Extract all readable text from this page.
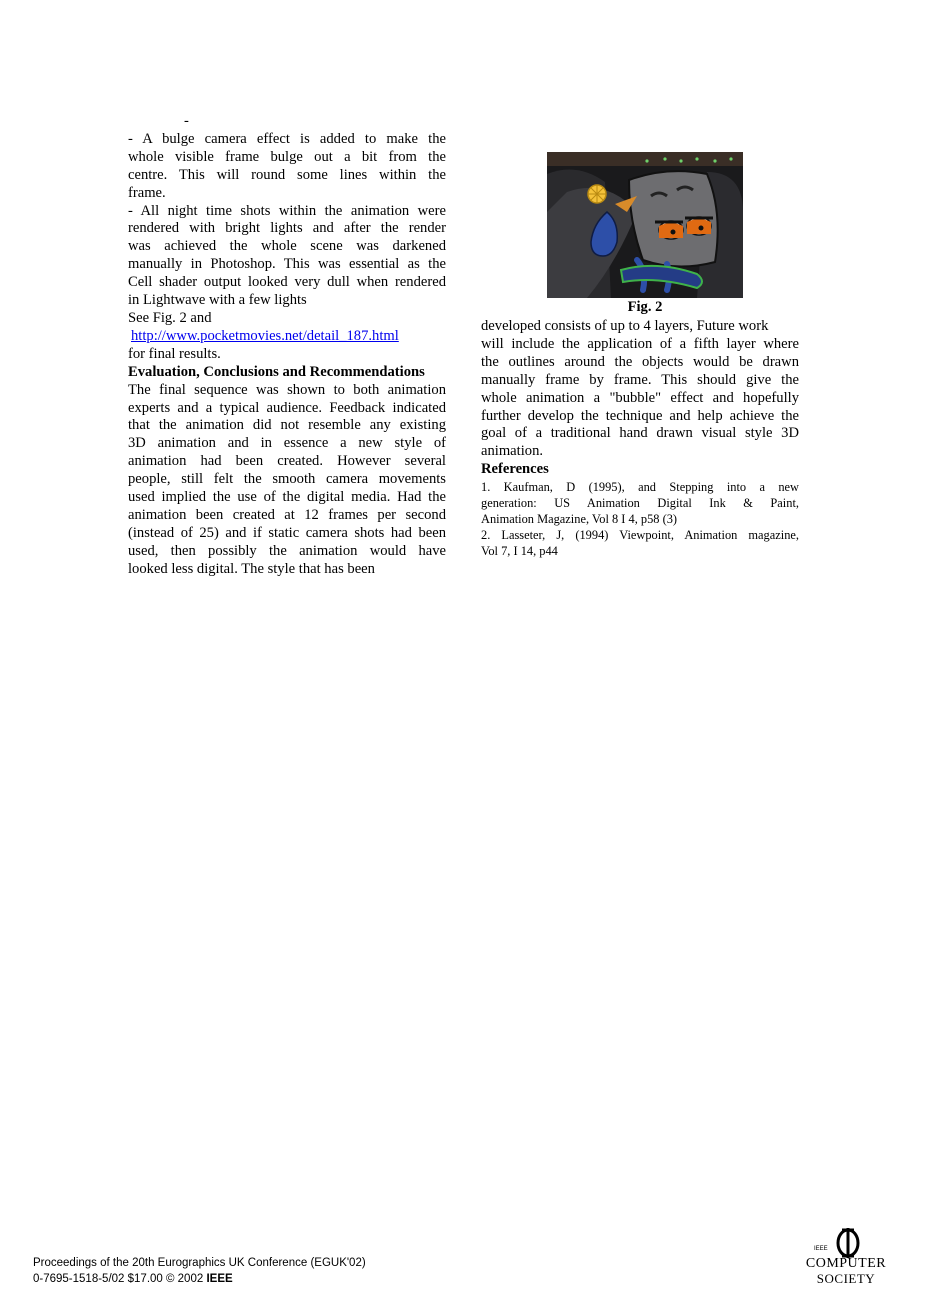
-

- A bulge camera effect is added to make the

whole visible frame bulge out a bit from the

centre. This will round some lines within the

frame.

- All night time shots within the animation were

rendered with bright lights and after the render

was achieved the whole scene was darkened

manually in Photoshop. This was essential as the

Cell shader output looked very dull when rendered

in Lightwave with a few lights

See Fig. 2 and

http://www.pocketmovies.net/detail_187.html

for final results.

Evaluation, Conclusions and Recommendations

The final sequence was shown to both animation

experts and a typical audience. Feedback indicated

that the animation did not resemble any existing

3D animation and in essence a new style of

animation had been created. However several

people, still felt the smooth camera movements

used implied the use of the digital media. Had the

animation been created at 12 frames per second

(instead of 25) and if static camera shots had been

used, then possibly the animation would have

looked less digital. The style that has been

Fig. 2

developed consists of up to 4 layers, Future work

will include the application of a fifth layer where

the outlines around the objects would be drawn

manually frame by frame. This should give the

whole animation a "bubble" effect and hopefully

further develop the technique and help achieve the

goal of a traditional hand drawn visual style 3D

animation.

References

1. Kaufman, D (1995), and Stepping into a new

generation: US Animation Digital Ink & Paint,

Animation Magazine, Vol 8 I 4, p58 (3)

2. Lasseter, J, (1994) Viewpoint, Animation magazine,

Vol 7, I 14, p44

Proceedings of the 20th Eurographics UK Conference (EGUK'02)
0-7695-1518-5/02 $17.00 © 2002 IEEE
IEEE
COMPUTER
SOCIETY
